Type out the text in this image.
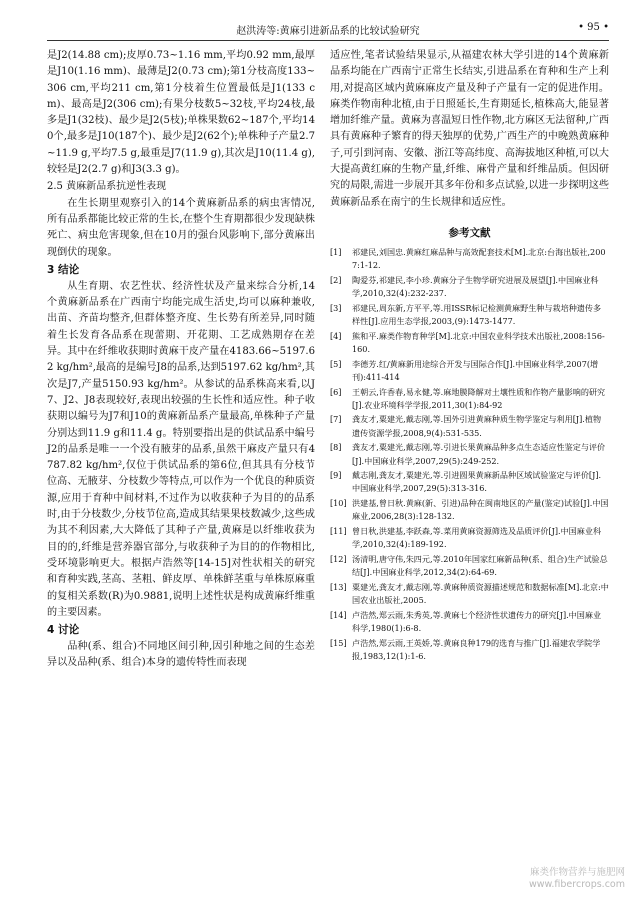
赵洪涛等:黄麻引进新品系的比较试验研究	• 95 •

是J2(14.88 cm);皮厚0.73~1.16 mm,平均0.92 mm,最厚是J10(1.16 mm)、最薄是J2(0.73 cm);第1分枝高度133~306 cm,平均211 cm,第1分枝着生位置最低是J1(133 cm)、最高是J2(306 cm);有果分枝数5~32枝,平均24枝,最多是J1(32枝)、最少是J2(5枝);单株果数62~187个,平均140个,最多是J10(187个)、最少是J2(62个);单株种子产量2.7~11.9 g,平均7.5 g,最重是J7(11.9 g),其次是J10(11.4 g),较轻是J2(2.7 g)和J3(3.3 g)。

2.5 黄麻新品系抗逆性表现

在生长期里观察引入的14个黄麻新品系的病虫害情况,所有品系都能比较正常的生长,在整个生育期都很少发现缺株死亡、病虫危害现象,但在10月的强台风影响下,部分黄麻出现倒伏的现象。

3 结论

从生育期、农艺性状、经济性状及产量来综合分析,14个黄麻新品系在广西南宁均能完成生活史,均可以麻种兼收,出苗、齐苗均整齐,但群体整齐度、生长势有所差异,同时随着生长发育各品系在现蕾期、开花期、工艺成熟期存在差异。其中在纤维收获期时黄麻干皮产量在4183.66~5197.62 kg/hm²,最高的是编号J8的品系,达到5197.62 kg/hm²,其次是J7,产量5150.93 kg/hm²。从参试的品系株高来看,以J7、J2、J8表现较好,表现出较强的生长性和适应性。种子收获期以编号为J7和J10的黄麻新品系产量最高,单株种子产量分别达到11.9 g和11.4 g。特别要指出是的供试品系中编号J2的品系是唯一一个没有腋芽的品系,虽然干麻皮产量只有4787.82 kg/hm²,仅位于供试品系的第6位,但其具有分枝节位高、无腋芽、分枝数少等特点,可以作为一个优良的种质资源,应用于育种中间材料,不过作为以收获种子为目的的品系时,由于分枝数少,分枝节位高,造成其结果果枝数减少,这些成为其不利因素,大大降低了其种子产量,黄麻是以纤维收获为目的的,纤维是营养器官部分,与收获种子为目的的作物相比,受环境影响更大。根据卢浩然等[14-15]对性状相关的研究和育种实践,茎高、茎粗、鲜皮厚、单株鲜茎重与单株原麻重的复相关系数(R)为0.9881,说明上述性状是构成黄麻纤维重的主要因素。

4 讨论

品种(系、组合)不同地区间引种,因引种地之间的生态差异以及品种(系、组合)本身的遗传特性而表现

适应性,笔者试验结果显示,从福建农林大学引进的14个黄麻新品系均能在广西南宁正常生长结实,引进品系在育种和生产上利用,对提高区域内黄麻麻皮产量及种子产量有一定的促进作用。麻类作物南种北植,由于日照延长,生育期延长,植株高大,能显著增加纤维产量。黄麻为喜温短日性作物,北方麻区无法留种,广西具有黄麻种子繁育的得天独厚的优势,广西生产的中晚熟黄麻种子,可引到河南、安徽、浙江等高纬度、高海拔地区种植,可以大大提高黄红麻的生物产量,纤维、麻骨产量和纤维品质。但因研究的局限,需进一步展开其多年份和多点试验,以进一步探明这些黄麻新品系在南宁的生长规律和适应性。

参考文献
[1]	祁建民,刘国忠.黄麻红麻品种与高效配套技术[M].北京:台海出版社,2007:1-12.
[2]	陶爱芬,祁建民,李小珍.黄麻分子生物学研究进展及展望[J].中国麻业科学,2010,32(4):232-237.
[3]	祁建民,周东新,方平平,等.用ISSR标记检测黄麻野生种与栽培种遗传多样性[J].应用生态学报,2003,(9):1473-1477.
[4]	熊和平.麻类作物育种学[M].北京:中国农业科学技术出版社,2008:156-160.
[5]	李德芳.红/黄麻新用途综合开发与国际合作[J].中国麻业科学,2007(增刊):411-414
[6]	王朝云,许香春,易永健,等.麻地膜降解对土壤性质和作物产量影响的研究[J].农业环境科学学报,2011,30(1):84-92
[7]	龚友才,粟建光,戴志刚,等.国外引进黄麻种质生物学鉴定与利用[J].植物遗传资源学报,2008,9(4):531-535.
[8]	龚友才,粟建光,戴志刚,等.引进长果黄麻品种多点生态适应性鉴定与评价[J].中国麻业科学,2007,29(5):249-252.
[9]	戴志刚,龚友才,粟建光,等.引进圆果黄麻新品种区域试验鉴定与评价[J].中国麻业科学,2007,29(5):313-316.
[10] 洪建基,曾日秋.黄麻(新、引进)品种在闽南地区的产量(鉴定)试验[J].中国麻业,2006,28(3):128-132.
[11] 曾日秋,洪建基,李跃森,等.菜用黄麻资源筛选及品质评价[J].中国麻业科学,2010,32(4):189-192.
[12] 汤清明,唐守伟,朱四元,等.2010年国家红麻新品种(系、组合)生产试验总结[J].中国麻业科学,2012,34(2):64-69.
[13] 粟建光,龚友才,戴志刚,等.黄麻种质资源描述规范和数据标准[M].北京:中国农业出版社,2005.
[14] 卢浩然,郑云雨,朱秀英,等.黄麻七个经济性状遗传力的研究[J].中国麻业科学,1980(1):6-8.
[15] 卢浩然,郑云雨,王英娇,等.黄麻良种179的选育与推广[J].福建农学院学报,1983,12(1):1-6.
麻类作物营养与施肥网
www.fibercrops.com
